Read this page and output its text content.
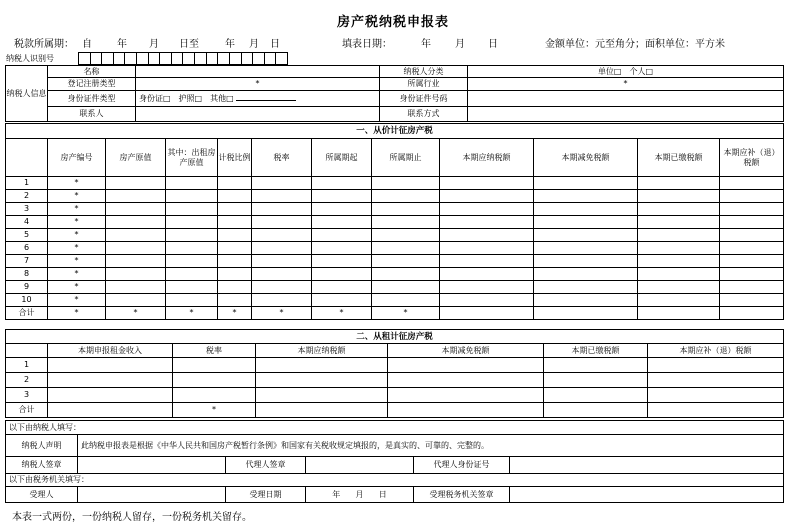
房产税纳税申报表
税款所属期： 自	年 月 日至	年 月 日	填表日期：	年 月 日	金额单位：元至角分；面积单位：平方米
纳税人识别号

纳税人信息	名称		纳税人分类	单位□　个人□
	登记注册类型	*	所属行业	*
	身份证件类型	身份证□　护照□　其他□	身份证件号码	
	联系人		联系方式	
一、从价计征房产税											
	房产编号	房产原值	其中：出租房产原值	计税比例	税率	所属期起	所属期止	本期应纳税额	本期减免税额	本期已缴税额	本期应补（退）税额
1	*										
2	*										
3	*										
4	*										
5	*										
6	*										
7	*										
8	*										
9	*										
10	*										
合计	*	*	*	*	*	*	*				
二、从租计征房产税						
	本期申报租金收入	税率	本期应纳税额	本期减免税额	本期已缴税额	本期应补（退）税额
1						
2						
3						
合计		*				
以下由纳税人填写：					
纳税人声明	此纳税申报表是根据《中华人民共和国房产税暂行条例》和国家有关税收规定填报的，是真实的、可靠的、完整的。				
纳税人签章		代理人签章		代理人身份证号	
以下由税务机关填写：					
受理人		受理日期	年 月 日	受理税务机关签章	
本表一式两份，一份纳税人留存，一份税务机关留存。
